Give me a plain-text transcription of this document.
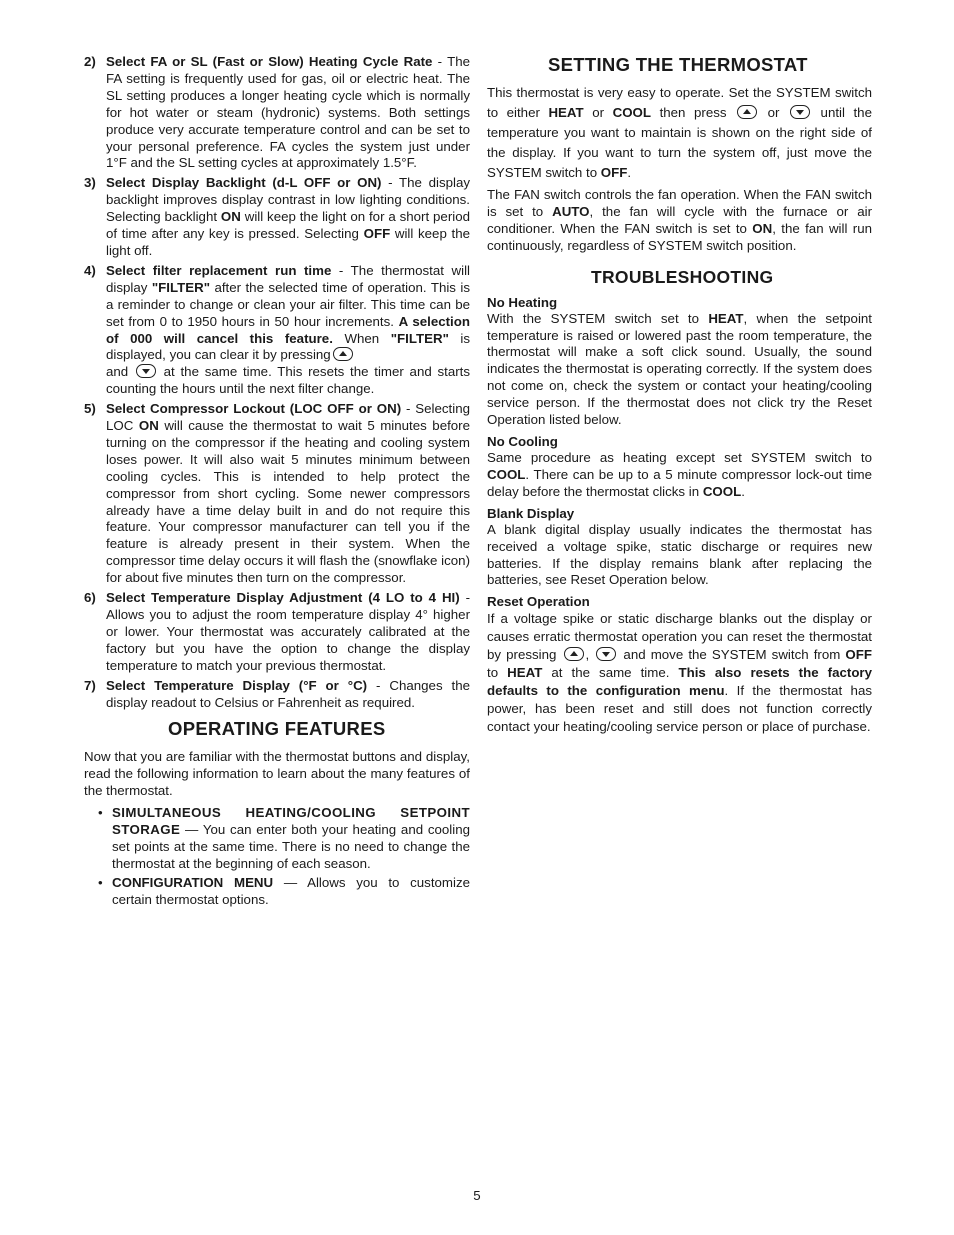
2) Select FA or SL (Fast or Slow) Heating Cycle Rate - The FA setting is frequently used for gas, oil or electric heat. The SL setting produces a longer heating cycle which is normally for hot water or steam (hydronic) systems. Both settings produce very accurate temperature control and can be set to your personal preference. FA cycles the system just under 1°F and the SL setting cycles at approximately 1.5°F.
3) Select Display Backlight (d-L OFF or ON) - The display backlight improves display contrast in low lighting conditions. Selecting backlight ON will keep the light on for a short period of time after any key is pressed. Selecting OFF will keep the light off.
4) Select filter replacement run time - The thermostat will display "FILTER" after the selected time of operation. This is a reminder to change or clean your air filter. This time can be set from 0 to 1950 hours in 50 hour increments. A selection of 000 will cancel this feature. When "FILTER" is displayed, you can clear it by pressing
and  at the same time. This resets the timer and starts counting the hours until the next filter change.
5) Select Compressor Lockout (LOC OFF or ON) - Selecting LOC ON will cause the thermostat to wait 5 minutes before turning on the compressor if the heating and cooling system loses power. It will also wait 5 minutes minimum between cooling cycles. This is intended to help protect the compressor from short cycling. Some newer compressors already have a time delay built in and do not require this feature. Your compressor manufacturer can tell you if the feature is already present in their system. When the compressor time delay occurs it will flash the (snowflake icon) for about five minutes then turn on the compressor.
6) Select Temperature Display Adjustment (4 LO to 4 HI) - Allows you to adjust the room temperature display 4° higher or lower. Your thermostat was accurately calibrated at the factory but you have the option to change the display temperature to match your previous thermostat.
7) Select Temperature Display (°F or °C) - Changes the display readout to Celsius or Fahrenheit as required.
OPERATING FEATURES

Now that you are familiar with the thermostat buttons and display, read the following information to learn about the many features of the thermostat.

• SIMULTANEOUS HEATING/COOLING SETPOINT STORAGE — You can enter both your heating and cooling set points at the same time. There is no need to change the thermostat at the beginning of each season.
• CONFIGURATION MENU — Allows you to customize certain thermostat options.
SETTING THE THERMOSTAT

This thermostat is very easy to operate. Set the SYSTEM switch to either HEAT or COOL then press  or  until the temperature you want to maintain is shown on the right side of the display. If you want to turn the system off, just move the SYSTEM switch to OFF.

The FAN switch controls the fan operation. When the FAN switch is set to AUTO, the fan will cycle with the furnace or air conditioner. When the FAN switch is set to ON, the fan will run continuously, regardless of SYSTEM switch position.

TROUBLESHOOTING
No Heating

With the SYSTEM switch set to HEAT, when the setpoint temperature is raised or lowered past the room temperature, the thermostat will make a soft click sound. Usually, the sound indicates the thermostat is operating correctly. If the system does not come on, check the system or contact your heating/cooling service person. If the thermostat does not click try the Reset Operation listed below.

No Cooling

Same procedure as heating except set SYSTEM switch to COOL. There can be up to a 5 minute compressor lock-out time delay before the thermostat clicks in COOL.

Blank Display

A blank digital display usually indicates the thermostat has received a voltage spike, static discharge or requires new batteries. If the display remains blank after replacing the batteries, see Reset Operation below.

Reset Operation

If a voltage spike or static discharge blanks out the display or causes erratic thermostat operation you can reset the thermostat by pressing ,  and move the SYSTEM switch from OFF to HEAT at the same time. This also resets the factory defaults to the configuration menu. If the thermostat has power, has been reset and still does not function correctly contact your heating/cooling service person or place of purchase.

5
